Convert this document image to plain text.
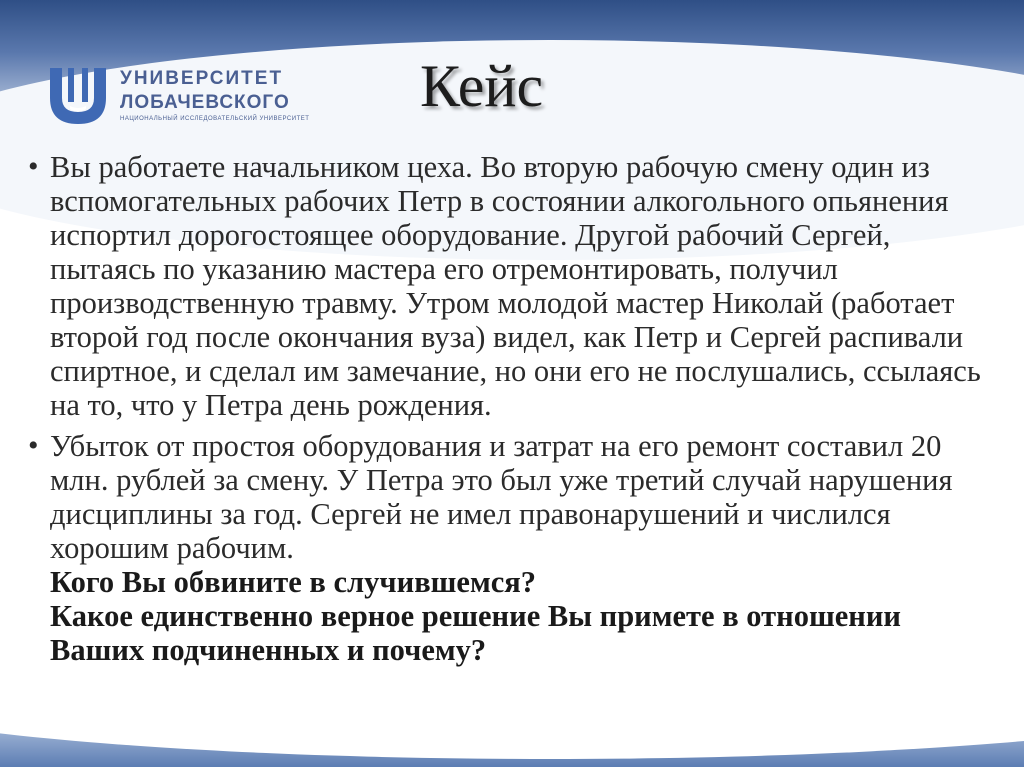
УНИВЕРСИТЕТ
ЛОБАЧЕВСКОГО
НАЦИОНАЛЬНЫЙ ИССЛЕДОВАТЕЛЬСКИЙ УНИВЕРСИТЕТ Кейс

• Вы работаете начальником цеха. Во вторую рабочую смену один из вспомогательных рабочих Петр в состоянии алкогольного опьянения испортил дорогостоящее оборудование. Другой рабочий Сергей, пытаясь по указанию мастера его отремонтировать, получил производственную травму. Утром молодой мастер Николай (работает второй год после окончания вуза) видел, как Петр и Сергей распивали спиртное, и сделал им замечание, но они его не послушались, ссылаясь на то, что у Петра день рождения.

• Убыток от простоя оборудования и затрат на его ремонт составил 20 млн. рублей за смену. У Петра это был уже третий случай нарушения дисциплины за год. Сергей не имел правонарушений и числился хорошим рабочим.
Кого Вы обвините в случившемся?
Какое единственно верное решение Вы примете в отношении Ваших подчиненных и почему?
